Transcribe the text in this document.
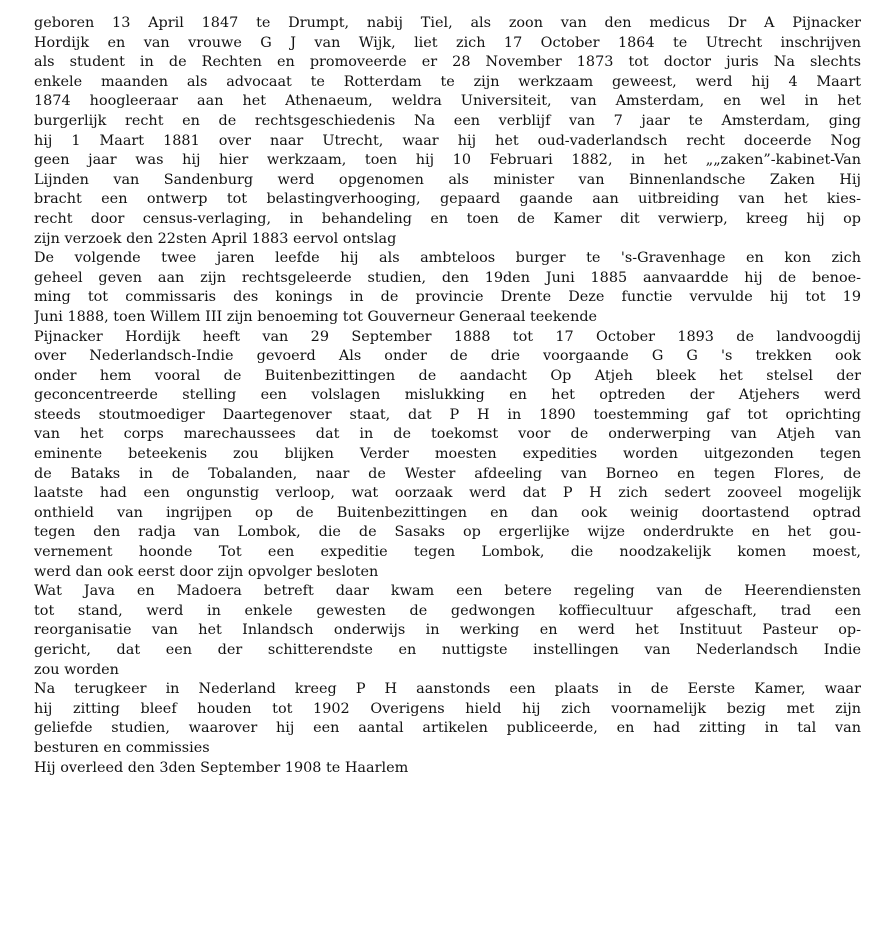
geboren 13 April 1847 te Drumpt, nabij Tiel, als zoon van den medicus Dr A Pijnacker
Hordijk en van vrouwe G J van Wijk, liet zich 17 October 1864 te Utrecht inschrijven
als student in de Rechten en promoveerde er 28 November 1873 tot doctor juris Na slechts
enkele maanden als advocaat te Rotterdam te zijn werkzaam geweest, werd hij 4 Maart
1874 hoogleeraar aan het Athenaeum, weldra Universiteit, van Amsterdam, en wel in het
burgerlijk recht en de rechtsgeschiedenis Na een verblijf van 7 jaar te Amsterdam, ging
hij 1 Maart 1881 over naar Utrecht, waar hij het oud-vaderlandsch recht doceerde Nog
geen jaar was hij hier werkzaam, toen hij 10 Februari 1882, in het „„zaken”‑kabinet-Van
Lijnden van Sandenburg werd opgenomen als minister van Binnenlandsche Zaken Hij
bracht een ontwerp tot belastingverhooging, gepaard gaande aan uitbreiding van het kies-
recht door census-verlaging, in behandeling en toen de Kamer dit verwierp, kreeg hij op
zijn verzoek den 22sten April 1883 eervol ontslag

De volgende twee jaren leefde hij als ambteloos burger te 's-Gravenhage en kon zich
geheel geven aan zijn rechtsgeleerde studien, den 19den Juni 1885 aanvaardde hij de benoe-
ming tot commissaris des konings in de provincie Drente Deze functie vervulde hij tot 19
Juni 1888, toen Willem III zijn benoeming tot Gouverneur Generaal teekende

Pijnacker Hordijk heeft van 29 September 1888 tot 17 October 1893 de landvoogdij
over Nederlandsch-Indie gevoerd Als onder de drie voorgaande G G 's trekken ook
onder hem vooral de Buitenbezittingen de aandacht Op Atjeh bleek het stelsel der
geconcentreerde stelling een volslagen mislukking en het optreden der Atjehers werd
steeds stoutmoediger Daartegenover staat, dat P H in 1890 toestemming gaf tot oprichting
van het corps marechaussees dat in de toekomst voor de onderwerping van Atjeh van
eminente beteekenis zou blijken Verder moesten expedities worden uitgezonden tegen
de Bataks in de Tobalanden, naar de Wester afdeeling van Borneo en tegen Flores, de
laatste had een ongunstig verloop, wat oorzaak werd dat P H zich sedert zooveel mogelijk
onthield van ingrijpen op de Buitenbezittingen en dan ook weinig doortastend optrad
tegen den radja van Lombok, die de Sasaks op ergerlijke wijze onderdrukte en het gou-
vernement hoonde Tot een expeditie tegen Lombok, die noodzakelijk komen moest,
werd dan ook eerst door zijn opvolger besloten

Wat Java en Madoera betreft daar kwam een betere regeling van de Heerendiensten
tot stand, werd in enkele gewesten de gedwongen koffiecultuur afgeschaft, trad een
reorganisatie van het Inlandsch onderwijs in werking en werd het Instituut Pasteur op-
gericht, dat een der schitterendste en nuttigste instellingen van Nederlandsch Indie
zou worden

Na terugkeer in Nederland kreeg P H aanstonds een plaats in de Eerste Kamer, waar
hij zitting bleef houden tot 1902 Overigens hield hij zich voornamelijk bezig met zijn
geliefde studien, waarover hij een aantal artikelen publiceerde, en had zitting in tal van
besturen en commissies

Hij overleed den 3den September 1908 te Haarlem
